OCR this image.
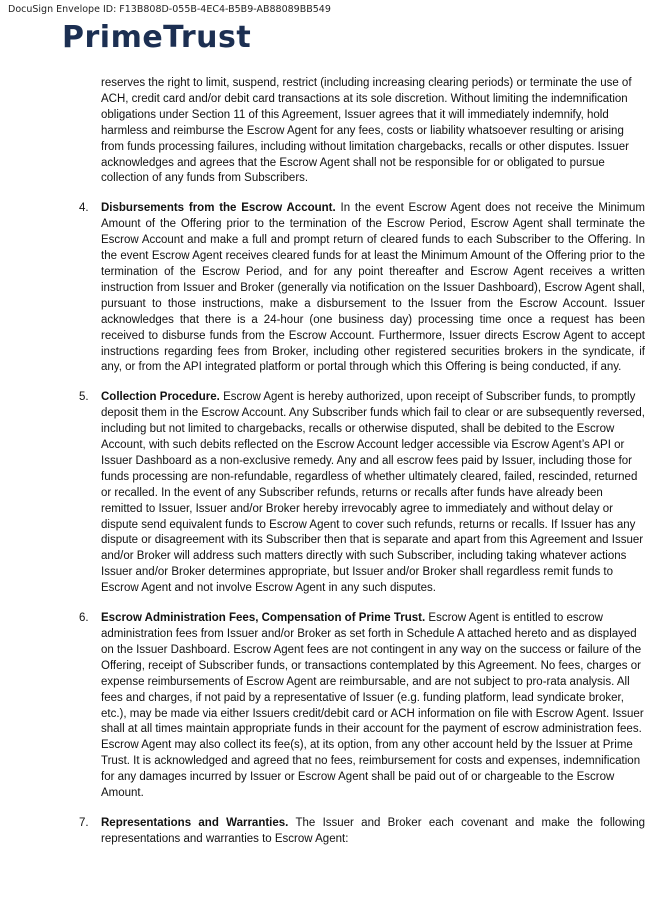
DocuSign Envelope ID: F13B808D-055B-4EC4-B5B9-AB88089BB549
PrimeTrust

reserves the right to limit, suspend, restrict (including increasing clearing periods) or terminate the use of ACH, credit card and/or debit card transactions at its sole discretion. Without limiting the indemnification obligations under Section 11 of this Agreement, Issuer agrees that it will immediately indemnify, hold harmless and reimburse the Escrow Agent for any fees, costs or liability whatsoever resulting or arising from funds processing failures, including without limitation chargebacks, recalls or other disputes. Issuer acknowledges and agrees that the Escrow Agent shall not be responsible for or obligated to pursue collection of any funds from Subscribers.

4. Disbursements from the Escrow Account. In the event Escrow Agent does not receive the Minimum Amount of the Offering prior to the termination of the Escrow Period, Escrow Agent shall terminate the Escrow Account and make a full and prompt return of cleared funds to each Subscriber to the Offering. In the event Escrow Agent receives cleared funds for at least the Minimum Amount of the Offering prior to the termination of the Escrow Period, and for any point thereafter and Escrow Agent receives a written instruction from Issuer and Broker (generally via notification on the Issuer Dashboard), Escrow Agent shall, pursuant to those instructions, make a disbursement to the Issuer from the Escrow Account. Issuer acknowledges that there is a 24-hour (one business day) processing time once a request has been received to disburse funds from the Escrow Account. Furthermore, Issuer directs Escrow Agent to accept instructions regarding fees from Broker, including other registered securities brokers in the syndicate, if any, or from the API integrated platform or portal through which this Offering is being conducted, if any.

5. Collection Procedure. Escrow Agent is hereby authorized, upon receipt of Subscriber funds, to promptly deposit them in the Escrow Account. Any Subscriber funds which fail to clear or are subsequently reversed, including but not limited to chargebacks, recalls or otherwise disputed, shall be debited to the Escrow Account, with such debits reflected on the Escrow Account ledger accessible via Escrow Agent’s API or Issuer Dashboard as a non-exclusive remedy. Any and all escrow fees paid by Issuer, including those for funds processing are non-refundable, regardless of whether ultimately cleared, failed, rescinded, returned or recalled. In the event of any Subscriber refunds, returns or recalls after funds have already been remitted to Issuer, Issuer and/or Broker hereby irrevocably agree to immediately and without delay or dispute send equivalent funds to Escrow Agent to cover such refunds, returns or recalls. If Issuer has any dispute or disagreement with its Subscriber then that is separate and apart from this Agreement and Issuer and/or Broker will address such matters directly with such Subscriber, including taking whatever actions Issuer and/or Broker determines appropriate, but Issuer and/or Broker shall regardless remit funds to Escrow Agent and not involve Escrow Agent in any such disputes.

6. Escrow Administration Fees, Compensation of Prime Trust. Escrow Agent is entitled to escrow administration fees from Issuer and/or Broker as set forth in Schedule A attached hereto and as displayed on the Issuer Dashboard. Escrow Agent fees are not contingent in any way on the success or failure of the Offering, receipt of Subscriber funds, or transactions contemplated by this Agreement. No fees, charges or expense reimbursements of Escrow Agent are reimbursable, and are not subject to pro-rata analysis. All fees and charges, if not paid by a representative of Issuer (e.g. funding platform, lead syndicate broker, etc.), may be made via either Issuers credit/debit card or ACH information on file with Escrow Agent. Issuer shall at all times maintain appropriate funds in their account for the payment of escrow administration fees. Escrow Agent may also collect its fee(s), at its option, from any other account held by the Issuer at Prime Trust. It is acknowledged and agreed that no fees, reimbursement for costs and expenses, indemnification for any damages incurred by Issuer or Escrow Agent shall be paid out of or chargeable to the Escrow Amount.

7. Representations and Warranties. The Issuer and Broker each covenant and make the following representations and warranties to Escrow Agent:
